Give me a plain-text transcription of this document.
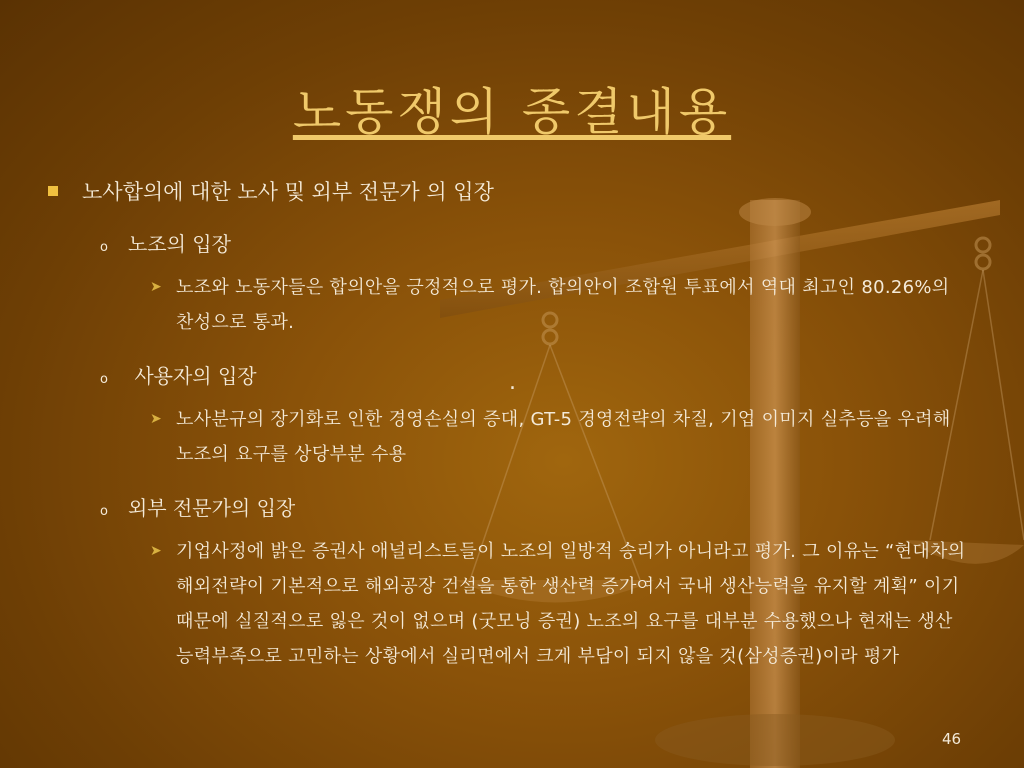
노동쟁의 종결내용
노사합의에 대한 노사 및 외부 전문가 의 입장
o 노조의 입장
➤ 노조와 노동자들은 합의안을 긍정적으로 평가. 합의안이 조합원 투표에서 역대 최고인 80.26%의 찬성으로 통과.
o 사용자의 입장	.
➤ 노사분규의 장기화로 인한 경영손실의 증대, GT-5 경영전략의 차질, 기업 이미지 실추등을 우려해 노조의 요구를 상당부분 수용
o 외부 전문가의 입장
➤ 기업사정에 밝은 증권사 애널리스트들이 노조의 일방적 승리가 아니라고 평가. 그 이유는 “현대차의 해외전략이 기본적으로 해외공장 건설을 통한 생산력 증가여서 국내 생산능력을 유지할 계획” 이기 때문에 실질적으로 잃은 것이 없으며 (굿모닝 증권) 노조의 요구를 대부분 수용했으나 현재는 생산능력부족으로 고민하는 상황에서 실리면에서 크게 부담이 되지 않을 것(삼성증권)이라 평가
46
